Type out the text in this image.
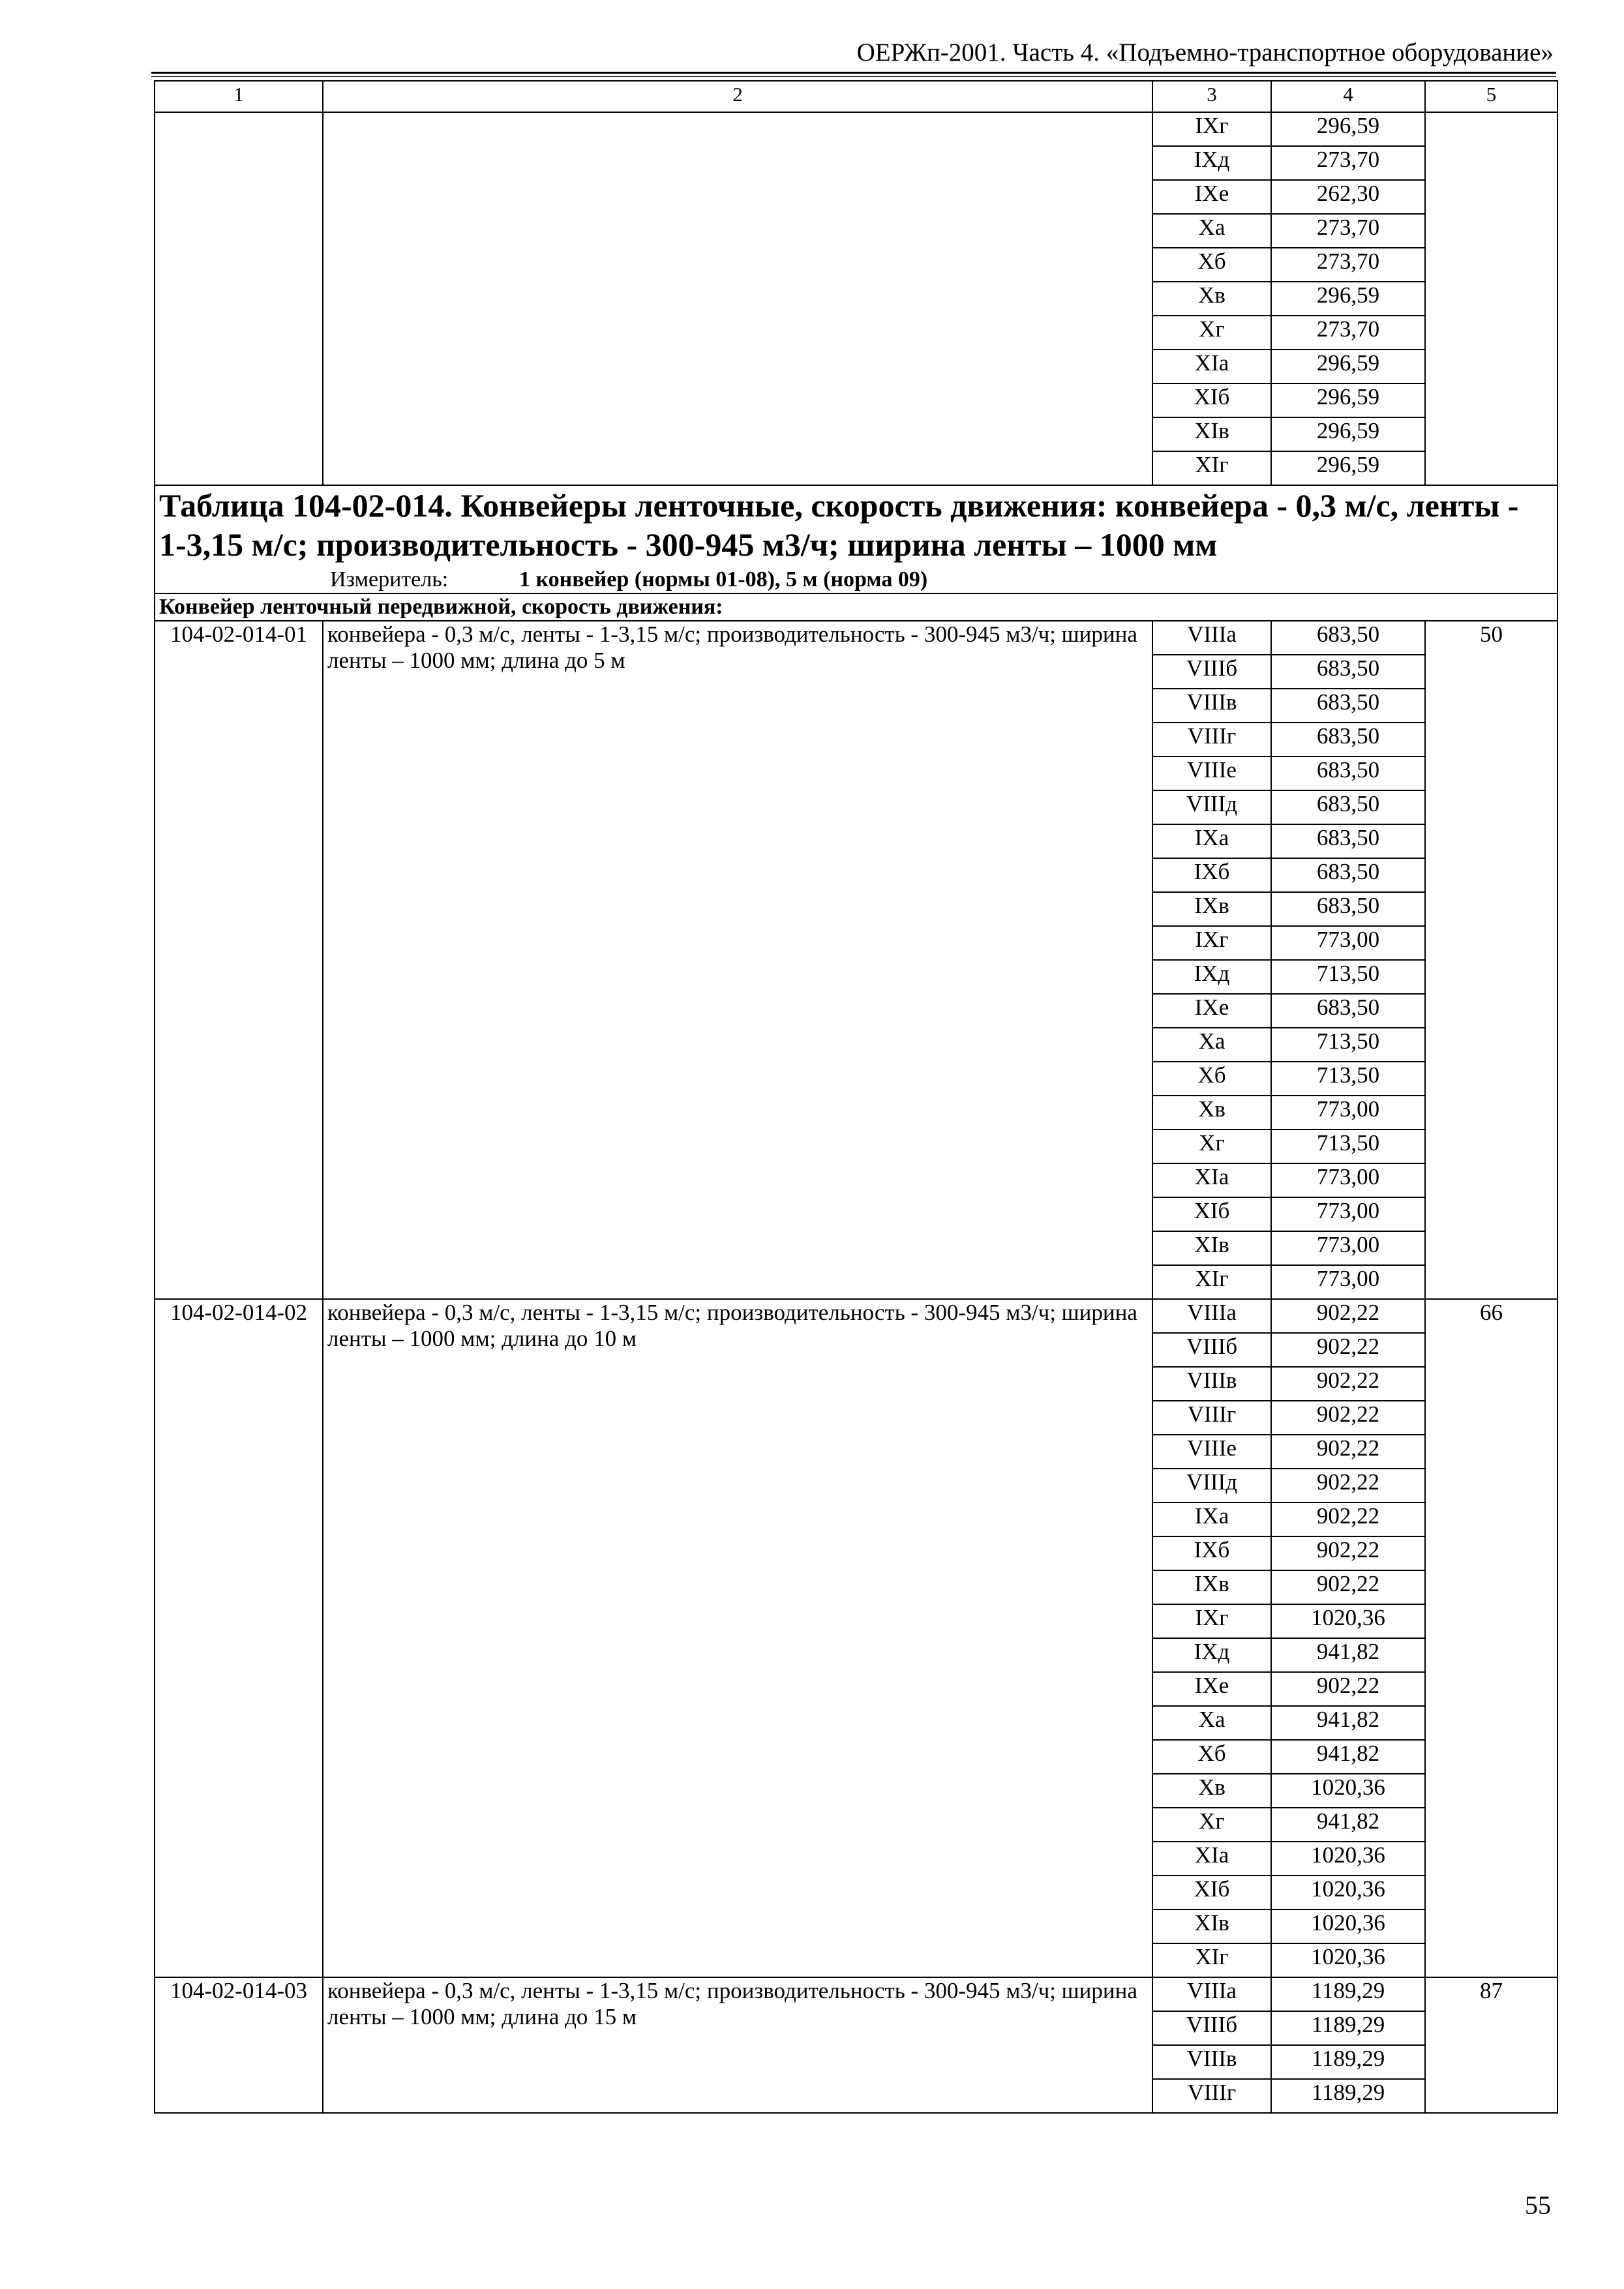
ОЕРЖп-2001. Часть 4. «Подъемно-транспортное оборудование»
1	2	3	4	5
		IXг	296,59	
		IXд	273,70	
		IXе	262,30	
		Xа	273,70	
		Xб	273,70	
		Xв	296,59	
		Xг	273,70	
		XIа	296,59	
		XIб	296,59	
		XIв	296,59	
		XIг	296,59	

Таблица 104-02-014. Конвейеры ленточные, скорость движения: конвейера - 0,3 м/с, ленты - 1-3,15 м/с; производительность - 300-945 м3/ч; ширина ленты – 1000 мм
Измеритель: 1 конвейер (нормы 01-08), 5 м (норма 09)				

Конвейер ленточный передвижной, скорость движения:				
104-02-014-01	конвейера - 0,3 м/с, ленты - 1-3,15 м/с; производительность - 300-945 м3/ч; ширина ленты – 1000 мм; длина до 5 м	VIIIа	683,50	50
		VIIIб	683,50	
		VIIIв	683,50	
		VIIIг	683,50	
		VIIIе	683,50	
		VIIIд	683,50	
		IXа	683,50	
		IXб	683,50	
		IXв	683,50	
		IXг	773,00	
		IXд	713,50	
		IXе	683,50	
		Xа	713,50	
		Xб	713,50	
		Xв	773,00	
		Xг	713,50	
		XIа	773,00	
		XIб	773,00	
		XIв	773,00	
		XIг	773,00	
104-02-014-02	конвейера - 0,3 м/с, ленты - 1-3,15 м/с; производительность - 300-945 м3/ч; ширина ленты – 1000 мм; длина до 10 м	VIIIа	902,22	66
		VIIIб	902,22	
		VIIIв	902,22	
		VIIIг	902,22	
		VIIIе	902,22	
		VIIIд	902,22	
		IXа	902,22	
		IXб	902,22	
		IXв	902,22	
		IXг	1020,36	
		IXд	941,82	
		IXе	902,22	
		Xа	941,82	
		Xб	941,82	
		Xв	1020,36	
		Xг	941,82	
		XIа	1020,36	
		XIб	1020,36	
		XIв	1020,36	
		XIг	1020,36	
104-02-014-03	конвейера - 0,3 м/с, ленты - 1-3,15 м/с; производительность - 300-945 м3/ч; ширина ленты – 1000 мм; длина до 15 м	VIIIа	1189,29	87
		VIIIб	1189,29	
		VIIIв	1189,29	
		VIIIг	1189,29	
55
